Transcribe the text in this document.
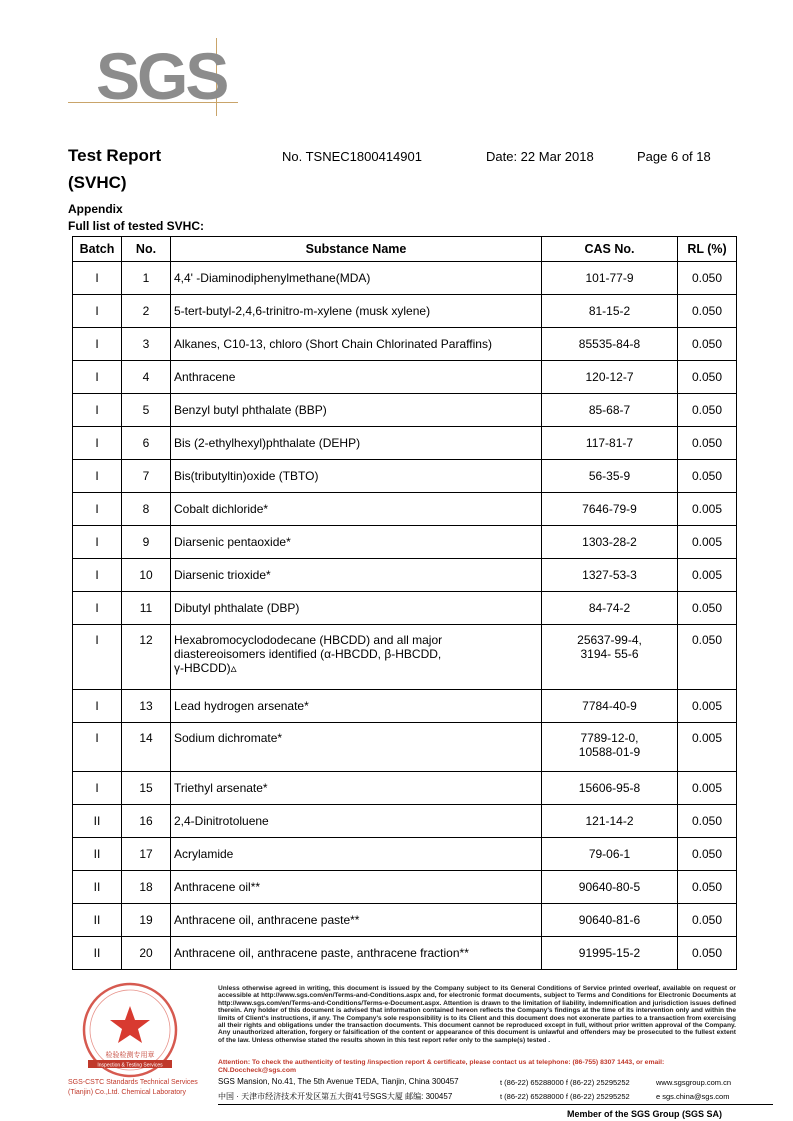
SGS
Test Report
(SVHC)
No. TSNEC1800414901	Date: 22 Mar 2018	Page 6 of 18
Appendix
Full list of tested SVHC:
Batch	No.	Substance Name	CAS No.	RL (%)
I	1	4,4' -Diaminodiphenylmethane(MDA)	101-77-9	0.050
I	2	5-tert-butyl-2,4,6-trinitro-m-xylene (musk xylene)	81-15-2	0.050
I	3	Alkanes, C10-13, chloro (Short Chain Chlorinated Paraffins)	85535-84-8	0.050
I	4	Anthracene	120-12-7	0.050
I	5	Benzyl butyl phthalate (BBP)	85-68-7	0.050
I	6	Bis (2-ethylhexyl)phthalate (DEHP)	117-81-7	0.050
I	7	Bis(tributyltin)oxide (TBTO)	56-35-9	0.050
I	8	Cobalt dichloride*	7646-79-9	0.005
I	9	Diarsenic pentaoxide*	1303-28-2	0.005
I	10	Diarsenic trioxide*	1327-53-3	0.005
I	11	Dibutyl phthalate (DBP)	84-74-2	0.050
I	12	Hexabromocyclododecane (HBCDD) and all major
diastereoisomers identified (α-HBCDD, β-HBCDD,
γ-HBCDD)▵	25637-99-4,
3194- 55-6	0.050
I	13	Lead hydrogen arsenate*	7784-40-9	0.005
I	14	Sodium dichromate*	7789-12-0,
10588-01-9	0.005
I	15	Triethyl arsenate*	15606-95-8	0.005
II	16	2,4-Dinitrotoluene	121-14-2	0.050
II	17	Acrylamide	79-06-1	0.050
II	18	Anthracene oil**	90640-80-5	0.050
II	19	Anthracene oil, anthracene paste**	90640-81-6	0.050
II	20	Anthracene oil, anthracene paste, anthracene fraction**	91995-15-2	0.050
检验检测专用章
Inspection & Testing Services
SGS-CSTC Standards Technical Services (Tianjin) Co.,Ltd. Chemical Laboratory
Unless otherwise agreed in writing, this document is issued by the Company subject to its General Conditions of Service printed overleaf, available on request or accessible at http://www.sgs.com/en/Terms-and-Conditions.aspx and, for electronic format documents, subject to Terms and Conditions for Electronic Documents at http://www.sgs.com/en/Terms-and-Conditions/Terms-e-Document.aspx. Attention is drawn to the limitation of liability, indemnification and jurisdiction issues defined therein. Any holder of this document is advised that information contained hereon reflects the Company's findings at the time of its intervention only and within the limits of Client's instructions, if any. The Company's sole responsibility is to its Client and this document does not exonerate parties to a transaction from exercising all their rights and obligations under the transaction documents. This document cannot be reproduced except in full, without prior written approval of the Company. Any unauthorized alteration, forgery or falsification of the content or appearance of this document is unlawful and offenders may be prosecuted to the fullest extent of the law. Unless otherwise stated the results shown in this test report refer only to the sample(s) tested .
Attention: To check the authenticity of testing /inspection report & certificate, please contact us at telephone: (86-755) 8307 1443, or email: CN.Doccheck@sgs.com
SGS Mansion, No.41, The 5th Avenue TEDA, Tianjin, China 300457
中国 · 天津市经济技术开发区第五大街41号SGS大厦 邮编: 300457
t (86-22) 65288000 f (86-22) 25295252
t (86-22) 65288000 f (86-22) 25295252
www.sgsgroup.com.cn
e sgs.china@sgs.com
Member of the SGS Group (SGS SA)
